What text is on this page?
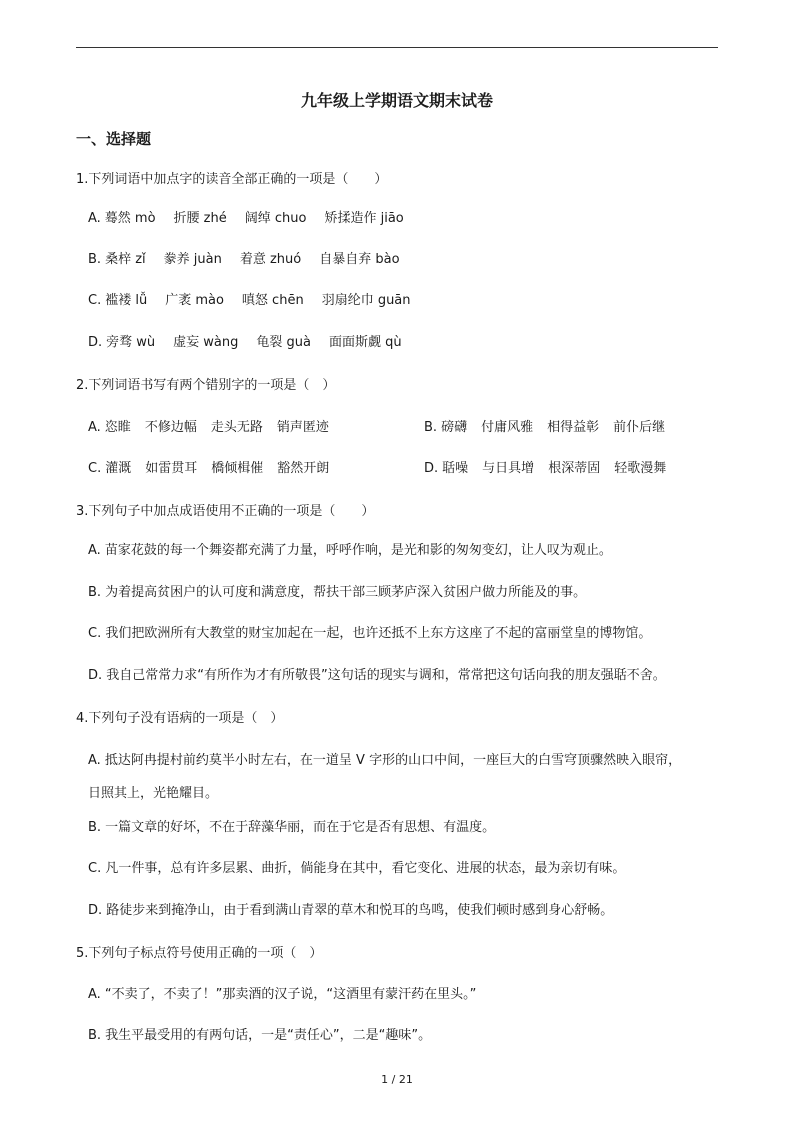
九年级上学期语文期末试卷
一、选择题
1.下列词语中加点字的读音全部正确的一项是（　　）
A. 蓦然 mò 折腰 zhé 阔绰 chuo 矫揉造作 jiāo
B. 桑梓 zǐ 豢养 juàn 着意 zhuó 自暴自弃 bào
C. 褴褛 lǚ 广袤 mào 嗔怒 chēn 羽扇纶巾 guān
D. 旁骛 wù 虚妄 wàng 龟裂 guà 面面斯觑 qù
2.下列词语书写有两个错别字的一项是（　）
A. 恣睢 不修边幅 走头无路 销声匿迹	B. 磅礴 付庸风雅 相得益彰 前仆后继
C. 灌溉 如雷贯耳 橋倾楫催 豁然开朗	D. 聒噪 与日具增 根深蒂固 轻歌漫舞
3.下列句子中加点成语使用不正确的一项是（　　）
A. 苗家花鼓的每一个舞姿都充满了力量，呼呼作响，是光和影的匆匆变幻，让人叹为观止。
B. 为着提高贫困户的认可度和满意度，帮扶干部三顾茅庐深入贫困户做力所能及的事。
C. 我们把欧洲所有大教堂的财宝加起在一起，也许还抵不上东方这座了不起的富丽堂皇的博物馆。
D. 我自己常常力求“有所作为才有所敬畏”这句话的现实与调和，常常把这句话向我的朋友强聒不舍。
4.下列句子没有语病的一项是（　）
A. 抵达阿冉提村前约莫半小时左右，在一道呈 V 字形的山口中间，一座巨大的白雪穹顶骤然映入眼帘，
日照其上，光艳耀目。
B. 一篇文章的好坏，不在于辞藻华丽，而在于它是否有思想、有温度。
C. 凡一件事，总有许多层累、曲折，倘能身在其中，看它变化、进展的状态，最为亲切有味。
D. 路徒步来到掩净山，由于看到满山青翠的草木和悦耳的鸟鸣，使我们顿时感到身心舒畅。
5.下列句子标点符号使用正确的一项（　）
A. “不卖了，不卖了！”那卖酒的汉子说，“这酒里有蒙汗药在里头。”
B. 我生平最受用的有两句话，一是“责任心”，二是“趣味”。
1 / 21
